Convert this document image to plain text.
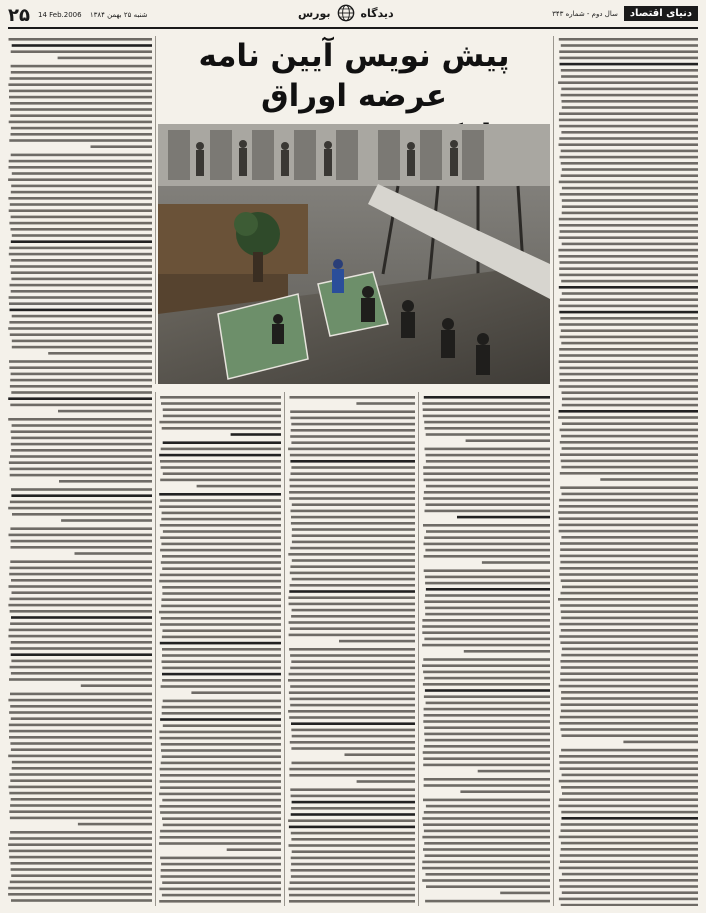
۲۵	14 Feb.2006 شنبه ۲۵ بهمن ۱۳۸۴	بورس	دیدگاه	سال دوم - شماره ۳۴۳	دنیای اقتصاد
پیش نویس آیین نامه عرضه اوراق
